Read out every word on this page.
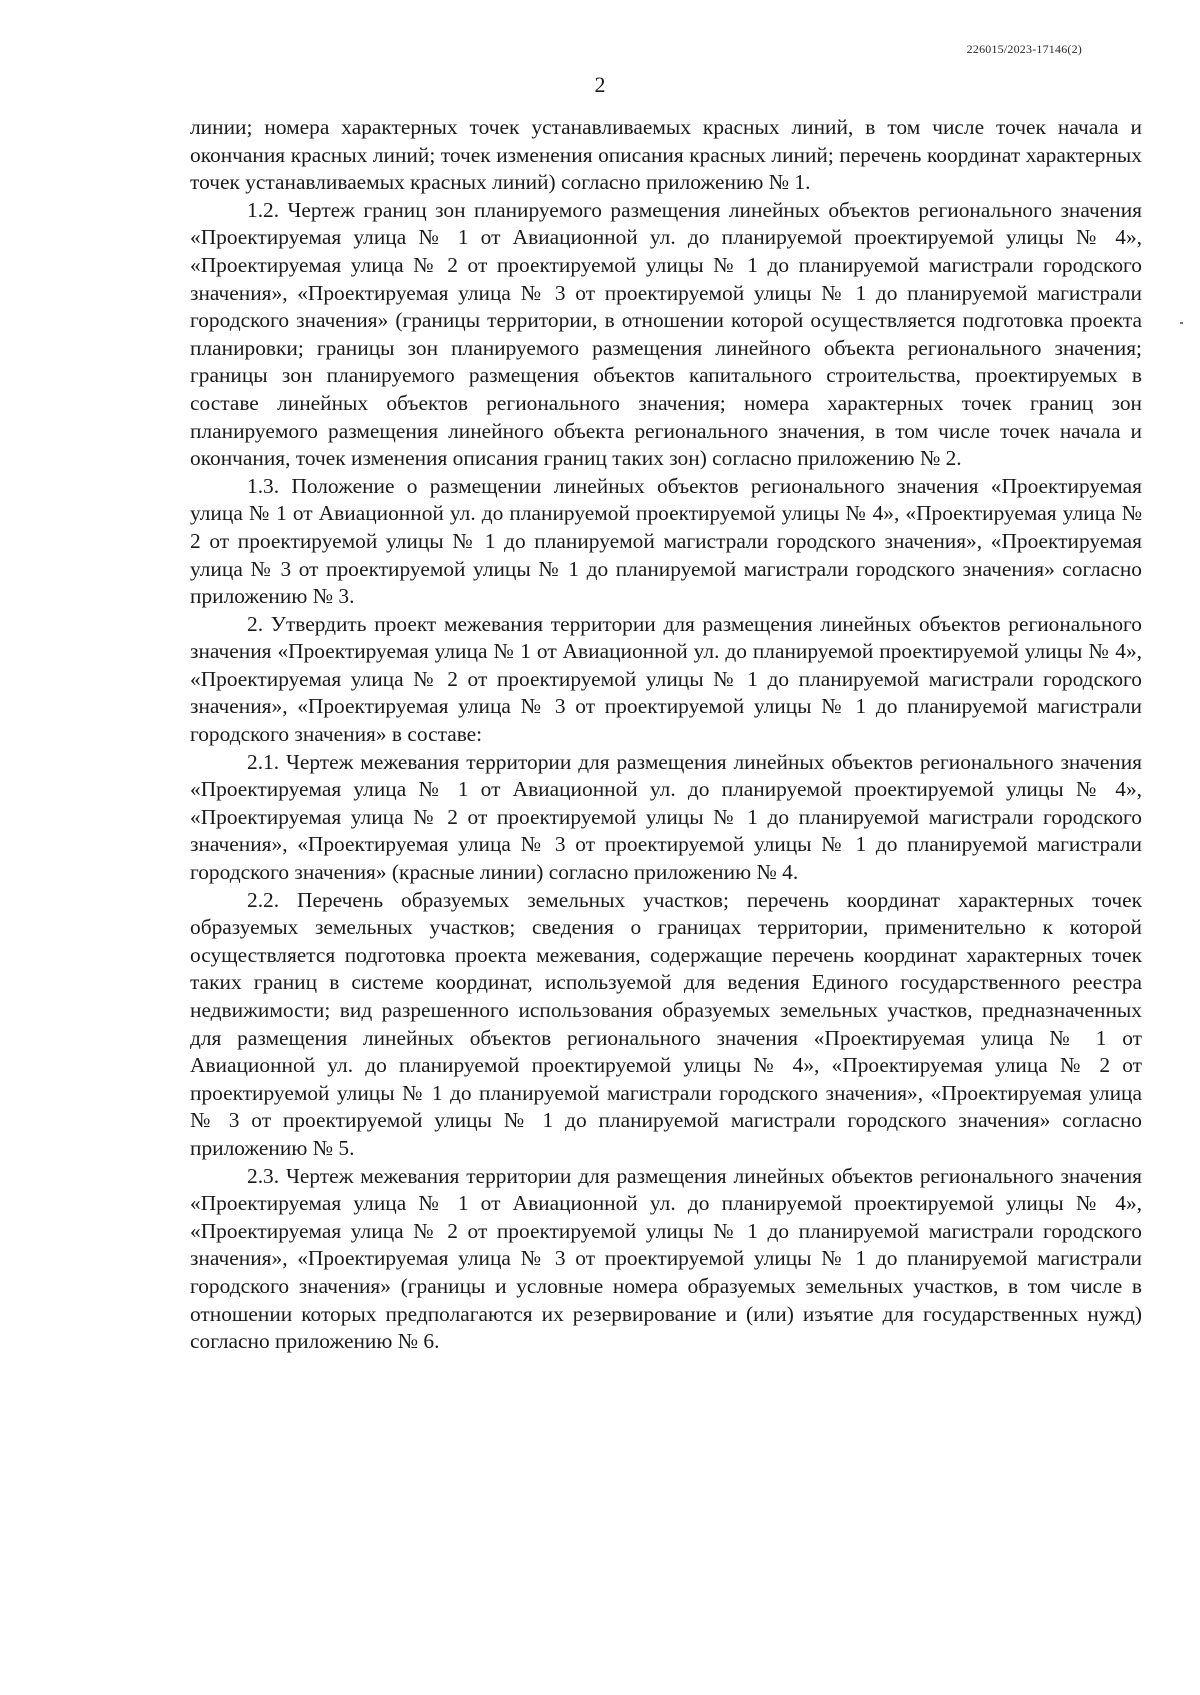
226015/2023-17146(2)
2

линии; номера характерных точек устанавливаемых красных линий, в том числе точек начала и окончания красных линий; точек изменения описания красных линий; перечень координат характерных точек устанавливаемых красных линий) согласно приложению № 1.

1.2. Чертеж границ зон планируемого размещения линейных объектов регионального значения «Проектируемая улица № 1 от Авиационной ул. до планируемой проектируемой улицы № 4», «Проектируемая улица № 2 от проектируемой улицы № 1 до планируемой магистрали городского значения», «Проектируемая улица № 3 от проектируемой улицы № 1 до планируемой магистрали городского значения» (границы территории, в отношении которой осуществляется подготовка проекта планировки; границы зон планируемого размещения линейного объекта регионального значения; границы зон планируемого размещения объектов капитального строительства, проектируемых в составе линейных объектов регионального значения; номера характерных точек границ зон планируемого размещения линейного объекта регионального значения, в том числе точек начала и окончания, точек изменения описания границ таких зон) согласно приложению № 2.

1.3. Положение о размещении линейных объектов регионального значения «Проектируемая улица № 1 от Авиационной ул. до планируемой проектируемой улицы № 4», «Проектируемая улица № 2 от проектируемой улицы № 1 до планируемой магистрали городского значения», «Проектируемая улица № 3 от проектируемой улицы № 1 до планируемой магистрали городского значения» согласно приложению № 3.

2. Утвердить проект межевания территории для размещения линейных объектов регионального значения «Проектируемая улица № 1 от Авиационной ул. до планируемой проектируемой улицы № 4», «Проектируемая улица № 2 от проектируемой улицы № 1 до планируемой магистрали городского значения», «Проектируемая улица № 3 от проектируемой улицы № 1 до планируемой магистрали городского значения» в составе:

2.1. Чертеж межевания территории для размещения линейных объектов регионального значения «Проектируемая улица № 1 от Авиационной ул. до планируемой проектируемой улицы № 4», «Проектируемая улица № 2 от проектируемой улицы № 1 до планируемой магистрали городского значения», «Проектируемая улица № 3 от проектируемой улицы № 1 до планируемой магистрали городского значения» (красные линии) согласно приложению № 4.

2.2. Перечень образуемых земельных участков; перечень координат характерных точек образуемых земельных участков; сведения о границах территории, применительно к которой осуществляется подготовка проекта межевания, содержащие перечень координат характерных точек таких границ в системе координат, используемой для ведения Единого государственного реестра недвижимости; вид разрешенного использования образуемых земельных участков, предназначенных для размещения линейных объектов регионального значения «Проектируемая улица № 1 от Авиационной ул. до планируемой проектируемой улицы № 4», «Проектируемая улица № 2 от проектируемой улицы № 1 до планируемой магистрали городского значения», «Проектируемая улица № 3 от проектируемой улицы № 1 до планируемой магистрали городского значения» согласно приложению № 5.

2.3. Чертеж межевания территории для размещения линейных объектов регионального значения «Проектируемая улица № 1 от Авиационной ул. до планируемой проектируемой улицы № 4», «Проектируемая улица № 2 от проектируемой улицы № 1 до планируемой магистрали городского значения», «Проектируемая улица № 3 от проектируемой улицы № 1 до планируемой магистрали городского значения» (границы и условные номера образуемых земельных участков, в том числе в отношении которых предполагаются их резервирование и (или) изъятие для государственных нужд) согласно приложению № 6.
